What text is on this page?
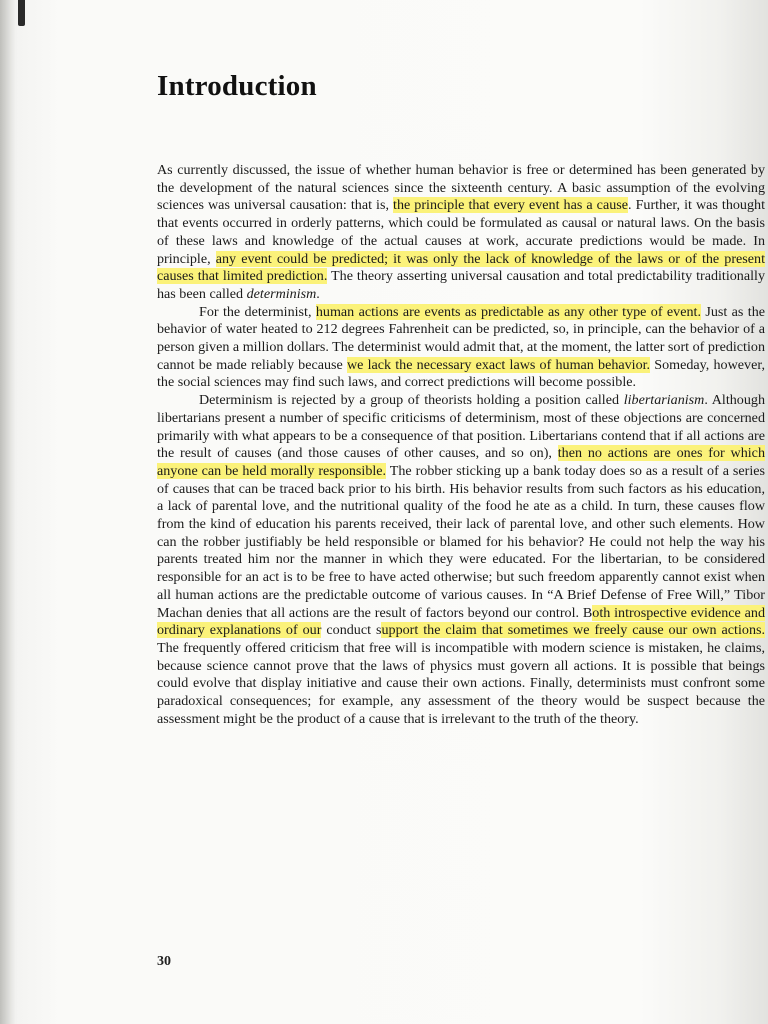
Introduction

As currently discussed, the issue of whether human behavior is free or determined has been generated by the development of the natural sciences since the sixteenth century. A basic assumption of the evolving sciences was universal causation: that is, the principle that every event has a cause. Further, it was thought that events occurred in orderly patterns, which could be formulated as causal or natural laws. On the basis of these laws and knowledge of the actual causes at work, accurate predictions would be made. In principle, any event could be predicted; it was only the lack of knowledge of the laws or of the present causes that limited prediction. The theory asserting universal causation and total predictability traditionally has been called determinism.

For the determinist, human actions are events as predictable as any other type of event. Just as the behavior of water heated to 212 degrees Fahrenheit can be predicted, so, in principle, can the behavior of a person given a million dollars. The determinist would admit that, at the moment, the latter sort of prediction cannot be made reliably because we lack the necessary exact laws of human behavior. Someday, however, the social sciences may find such laws, and correct predictions will become possible.

Determinism is rejected by a group of theorists holding a position called libertarianism. Although libertarians present a number of specific criticisms of determinism, most of these objections are concerned primarily with what appears to be a consequence of that position. Libertarians contend that if all actions are the result of causes (and those causes of other causes, and so on), then no actions are ones for which anyone can be held morally responsible. The robber sticking up a bank today does so as a result of a series of causes that can be traced back prior to his birth. His behavior results from such factors as his education, a lack of parental love, and the nutritional quality of the food he ate as a child. In turn, these causes flow from the kind of education his parents received, their lack of parental love, and other such elements. How can the robber justifiably be held responsible or blamed for his behavior? He could not help the way his parents treated him nor the manner in which they were educated. For the libertarian, to be considered responsible for an act is to be free to have acted otherwise; but such freedom apparently cannot exist when all human actions are the predictable outcome of various causes. In “A Brief Defense of Free Will,” Tibor Machan denies that all actions are the result of factors beyond our control. Both introspective evidence and ordinary explanations of our conduct support the claim that sometimes we freely cause our own actions. The frequently offered criticism that free will is incompatible with modern science is mistaken, he claims, because science cannot prove that the laws of physics must govern all actions. It is possible that beings could evolve that display initiative and cause their own actions. Finally, determinists must confront some paradoxical consequences; for example, any assessment of the theory would be suspect because the assessment might be the product of a cause that is irrelevant to the truth of the theory.

30
